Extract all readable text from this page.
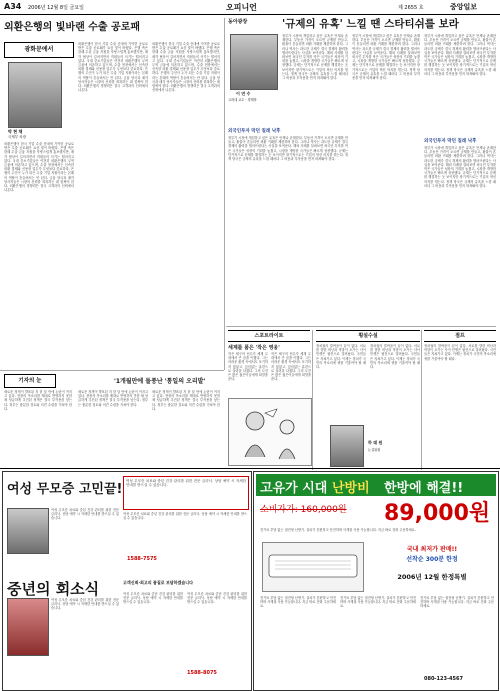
A34 2006년 12월 8일 금요일	오피니언	제 2655 호	중앙일보
외환은행의 빛바랜 수출 공로패
광화문에서
박 현 채
국제부 차장
외환은행이 한국 기업 수출 증대에 기여한 공로로 받은 수출 공로패가 요즘 빛이 바랬다. 은행 측은 한때 수출 금융 지원을 자랑스럽게 홍보했지만, 매각 협상이 길어지면서 직원들의 사기는 떨어지고 있다. 국내 중소기업들은 여전히 외환은행의 무역 금융에 의존하고 있으며, 수출 현장에서는 신속한 외환 결제와 신용장 업무가 무엇보다 중요하다. 은행의 주인이 누가 되든 수출 기업 지원이라는 본래의 역할이 흔들려서는 안 된다. 금융 당국과 매각 당사자들은 시장의 신뢰를 회복하는 데 힘써야 한다. 외환은행의 경쟁력은 결국 고객과의 신뢰에서 나온다.
외환은행이 한국 기업 수출 증대에 기여한 공로로 받은 수출 공로패가 요즘 빛이 바랬다. 은행 측은 한때 수출 금융 지원을 자랑스럽게 홍보했지만, 매각 협상이 길어지면서 직원들의 사기는 떨어지고 있다. 국내 중소기업들은 여전히 외환은행의 무역 금융에 의존하고 있으며, 수출 현장에서는 신속한 외환 결제와 신용장 업무가 무엇보다 중요하다. 은행의 주인이 누가 되든 수출 기업 지원이라는 본래의 역할이 흔들려서는 안 된다. 금융 당국과 매각 당사자들은 시장의 신뢰를 회복하는 데 힘써야 한다. 외환은행의 경쟁력은 결국 고객과의 신뢰에서 나온다.
외환은행이 한국 기업 수출 증대에 기여한 공로로 받은 수출 공로패가 요즘 빛이 바랬다. 은행 측은 한때 수출 금융 지원을 자랑스럽게 홍보했지만, 매각 협상이 길어지면서 직원들의 사기는 떨어지고 있다. 국내 중소기업들은 여전히 외환은행의 무역 금융에 의존하고 있으며, 수출 현장에서는 신속한 외환 결제와 신용장 업무가 무엇보다 중요하다. 은행의 주인이 누가 되든 수출 기업 지원이라는 본래의 역할이 흔들려서는 안 된다. 금융 당국과 매각 당사자들은 시장의 신뢰를 회복하는 데 힘써야 한다. 외환은행의 경쟁력은 결국 고객과의 신뢰에서 나온다.
동아광장	'규제의 유혹' 느낄 땐 스타티쉬를 보라
이 연 수
고려대 교수 · 경제학
정부가 시장에 개입하고 싶은 유혹은 언제나 존재한다. 부동산 가격이 오르면 규제를 만들고, 환율이 흔들리면 외환 거래를 제한하려 한다. 그러나 역사는 과도한 규제가 결국 경제의 활력을 떨어뜨린다는 사실을 보여준다. 해외 사례를 살펴보면 외국인 투자를 막은 국가들은 성장의 기회를 놓쳤고, 시장을 개방한 국가들은 빠르게 성장했다. 규제는 단기적으로 문제를 해결하는 듯 보이지만 장기적으로는 기업의 혁신 의지를 꺾는다. 정책 당국은 규제의 유혹을 느낄 때마다 그 비용과 부작용을 먼저 따져봐야 한다.
정부가 시장에 개입하고 싶은 유혹은 언제나 존재한다. 부동산 가격이 오르면 규제를 만들고, 환율이 흔들리면 외환 거래를 제한하려 한다. 그러나 역사는 과도한 규제가 결국 경제의 활력을 떨어뜨린다는 사실을 보여준다. 해외 사례를 살펴보면 외국인 투자를 막은 국가들은 성장의 기회를 놓쳤고, 시장을 개방한 국가들은 빠르게 성장했다. 규제는 단기적으로 문제를 해결하는 듯 보이지만 장기적으로는 기업의 혁신 의지를 꺾는다. 정책 당국은 규제의 유혹을 느낄 때마다 그 비용과 부작용을 먼저 따져봐야 한다.
정부가 시장에 개입하고 싶은 유혹은 언제나 존재한다. 부동산 가격이 오르면 규제를 만들고, 환율이 흔들리면 외환 거래를 제한하려 한다. 그러나 역사는 과도한 규제가 결국 경제의 활력을 떨어뜨린다는 사실을 보여준다. 해외 사례를 살펴보면 외국인 투자를 막은 국가들은 성장의 기회를 놓쳤고, 시장을 개방한 국가들은 빠르게 성장했다. 규제는 단기적으로 문제를 해결하는 듯 보이지만 장기적으로는 기업의 혁신 의지를 꺾는다. 정책 당국은 규제의 유혹을 느낄 때마다 그 비용과 부작용을 먼저 따져봐야 한다.
외국인투자 막던 칠레 낙후
정부가 시장에 개입하고 싶은 유혹은 언제나 존재한다. 부동산 가격이 오르면 규제를 만들고, 환율이 흔들리면 외환 거래를 제한하려 한다. 그러나 역사는 과도한 규제가 결국 경제의 활력을 떨어뜨린다는 사실을 보여준다. 해외 사례를 살펴보면 외국인 투자를 막은 국가들은 성장의 기회를 놓쳤고, 시장을 개방한 국가들은 빠르게 성장했다. 규제는 단기적으로 문제를 해결하는 듯 보이지만 장기적으로는 기업의 혁신 의지를 꺾는다. 정책 당국은 규제의 유혹을 느낄 때마다 그 비용과 부작용을 먼저 따져봐야 한다.
외국인투자 막던 칠레 낙후
정부가 시장에 개입하고 싶은 유혹은 언제나 존재한다. 부동산 가격이 오르면 규제를 만들고, 환율이 흔들리면 외환 거래를 제한하려 한다. 그러나 역사는 과도한 규제가 결국 경제의 활력을 떨어뜨린다는 사실을 보여준다. 해외 사례를 살펴보면 외국인 투자를 막은 국가들은 성장의 기회를 놓쳤고, 시장을 개방한 국가들은 빠르게 성장했다. 규제는 단기적으로 문제를 해결하는 듯 보이지만 장기적으로는 기업의 혁신 의지를 꺾는다. 정책 당국은 규제의 유혹을 느낄 때마다 그 비용과 부작용을 먼저 따져봐야 한다.
스포트라이트
세계를 품은 '작은 영웅'
작은 체구의 선수가 세계 무대에서 큰 꿈을 이뤘다. 그는 어려운 환경 속에서도 포기하지 않았고, 끊임없는 훈련으로 실력을 다졌다. 그의 도전은 많은 젊은이들에게 희망을 준다.
작은 체구의 선수가 세계 무대에서 큰 꿈을 이뤘다. 그는 어려운 환경 속에서도 포기하지 않았고, 끊임없는 훈련으로 실력을 다졌다. 그의 도전은 많은 젊은이들에게 희망을 준다.
횡설수설
정치권의 말싸움이 끝이 없다. 서로를 향한 비난과 막말이 오가는 사이 민생은 뒷전으로 밀려났다. 국민들은 지쳐가고 있다. 이제는 정치가 국민의 목소리에 귀를 기울여야 할 때다.
정치권의 말싸움이 끝이 없다. 서로를 향한 비난과 막말이 오가는 사이 민생은 뒷전으로 밀려났다. 국민들은 지쳐가고 있다. 이제는 정치가 국민의 목소리에 귀를 기울여야 할 때다.
하 태 원
논설위원
점프
정치권의 말싸움이 끝이 없다. 서로를 향한 비난과 막말이 오가는 사이 민생은 뒷전으로 밀려났다. 국민들은 지쳐가고 있다. 이제는 정치가 국민의 목소리에 귀를 기울여야 할 때다.
기자의 눈	'1개월만에 돌풍난 '통일의 오리발'
새로운 정책이 발표된 지 한 달 만에 논란이 커지고 있다. 현장의 목소리를 제대로 반영하지 못한 채 성급하게 추진된 정책은 결국 부작용을 낳는다. 정부는 충분한 검토와 의견 수렴을 거쳐야 한다.
새로운 정책이 발표된 지 한 달 만에 논란이 커지고 있다. 현장의 목소리를 제대로 반영하지 못한 채 성급하게 추진된 정책은 결국 부작용을 낳는다. 정부는 충분한 검토와 의견 수렴을 거쳐야 한다.
새로운 정책이 발표된 지 한 달 만에 논란이 커지고 있다. 현장의 목소리를 제대로 반영하지 못한 채 성급하게 추진된 정책은 결국 부작용을 낳는다. 정부는 충분한 검토와 의견 수렴을 거쳐야 한다.
여성 무모증 고민끝!
여성 무모증 치료와 중년 건강 관리를 위한 전문 클리닉. 상담 예약 시 자세한 안내를 받으실 수 있습니다.
여성 무모증 치료와 중년 건강 관리를 위한 전문 클리닉. 상담 예약 시 자세한 안내를 받으실 수 있습니다.
여성 무모증 치료와 중년 건강 관리를 위한 전문 클리닉. 상담 예약 시 자세한 안내를 받으실 수 있습니다.
1588-7575
중년의 회소식	고객신뢰·최고의 품질로 보답하겠습니다
여성 무모증 치료와 중년 건강 관리를 위한 전문 클리닉. 상담 예약 시 자세한 안내를 받으실 수 있습니다.
여성 무모증 치료와 중년 건강 관리를 위한 전문 클리닉. 상담 예약 시 자세한 안내를 받으실 수 있습니다.
여성 무모증 치료와 중년 건강 관리를 위한 전문 클리닉. 상담 예약 시 자세한 안내를 받으실 수 있습니다.
1588-8075
고유가 시대 난방비 한방에 해결!!
소비자가: 160,000원 89,000원
전기료 부담 없는 절전형 난방기. 설치가 간편하고 안전하며 사계절 사용 가능합니다. 지금 바로 전화 주문하세요.
국내 최저가 판매!!
선착순 300분 한정
2006년 12월 한정특별
전기료 부담 없는 절전형 난방기. 설치가 간편하고 안전하며 사계절 사용 가능합니다. 지금 바로 전화 주문하세요.
전기료 부담 없는 절전형 난방기. 설치가 간편하고 안전하며 사계절 사용 가능합니다. 지금 바로 전화 주문하세요.
전기료 부담 없는 절전형 난방기. 설치가 간편하고 안전하며 사계절 사용 가능합니다. 지금 바로 전화 주문하세요.
080-123-4567
